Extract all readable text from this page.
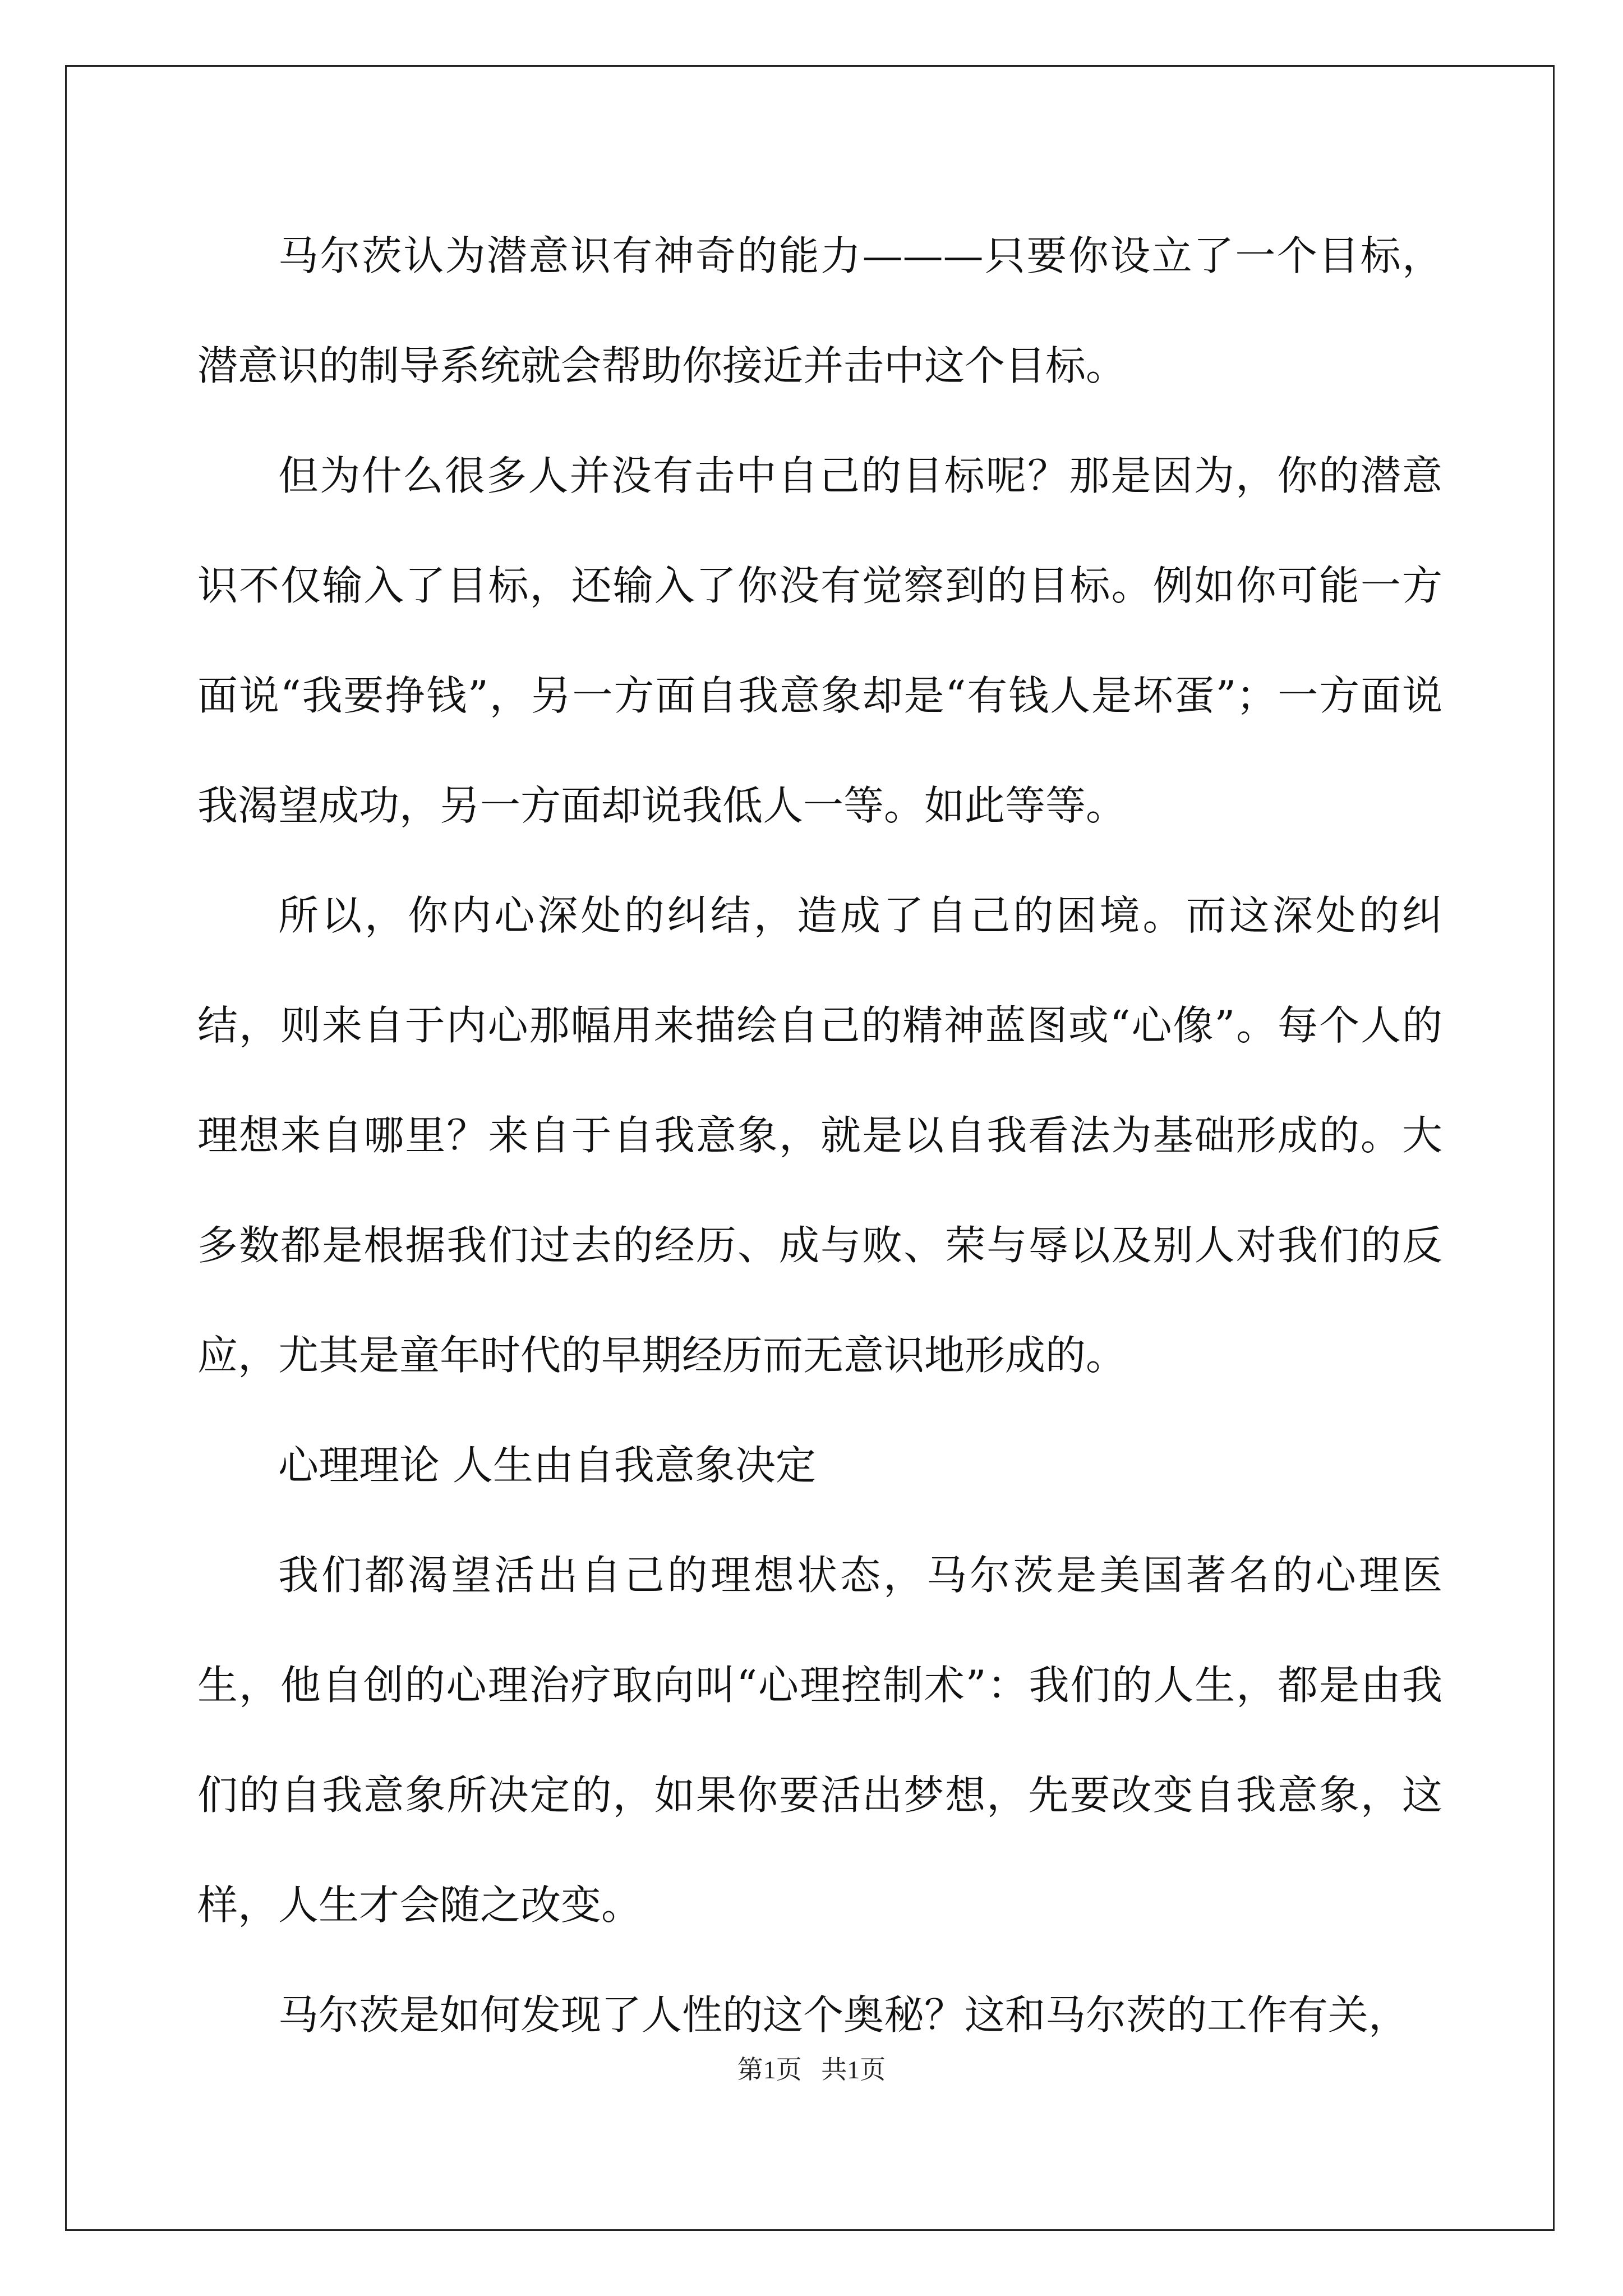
马尔茨认为潜意识有神奇的能力———只要你设立了一个目标，潜意识的制导系统就会帮助你接近并击中这个目标。

但为什么很多人并没有击中自己的目标呢？那是因为，你的潜意识不仅输入了目标，还输入了你没有觉察到的目标。例如你可能一方面说“我要挣钱”，另一方面自我意象却是“有钱人是坏蛋”；一方面说我渴望成功，另一方面却说我低人一等。如此等等。

所以，你内心深处的纠结，造成了自己的困境。而这深处的纠结，则来自于内心那幅用来描绘自己的精神蓝图或“心像”。每个人的理想来自哪里？来自于自我意象，就是以自我看法为基础形成的。大多数都是根据我们过去的经历、成与败、荣与辱以及别人对我们的反应，尤其是童年时代的早期经历而无意识地形成的。

心理理论 人生由自我意象决定

我们都渴望活出自己的理想状态，马尔茨是美国著名的心理医生，他自创的心理治疗取向叫“心理控制术”：我们的人生，都是由我们的自我意象所决定的，如果你要活出梦想，先要改变自我意象，这样，人生才会随之改变。

马尔茨是如何发现了人性的这个奥秘？这和马尔茨的工作有关，

第1页 共1页
